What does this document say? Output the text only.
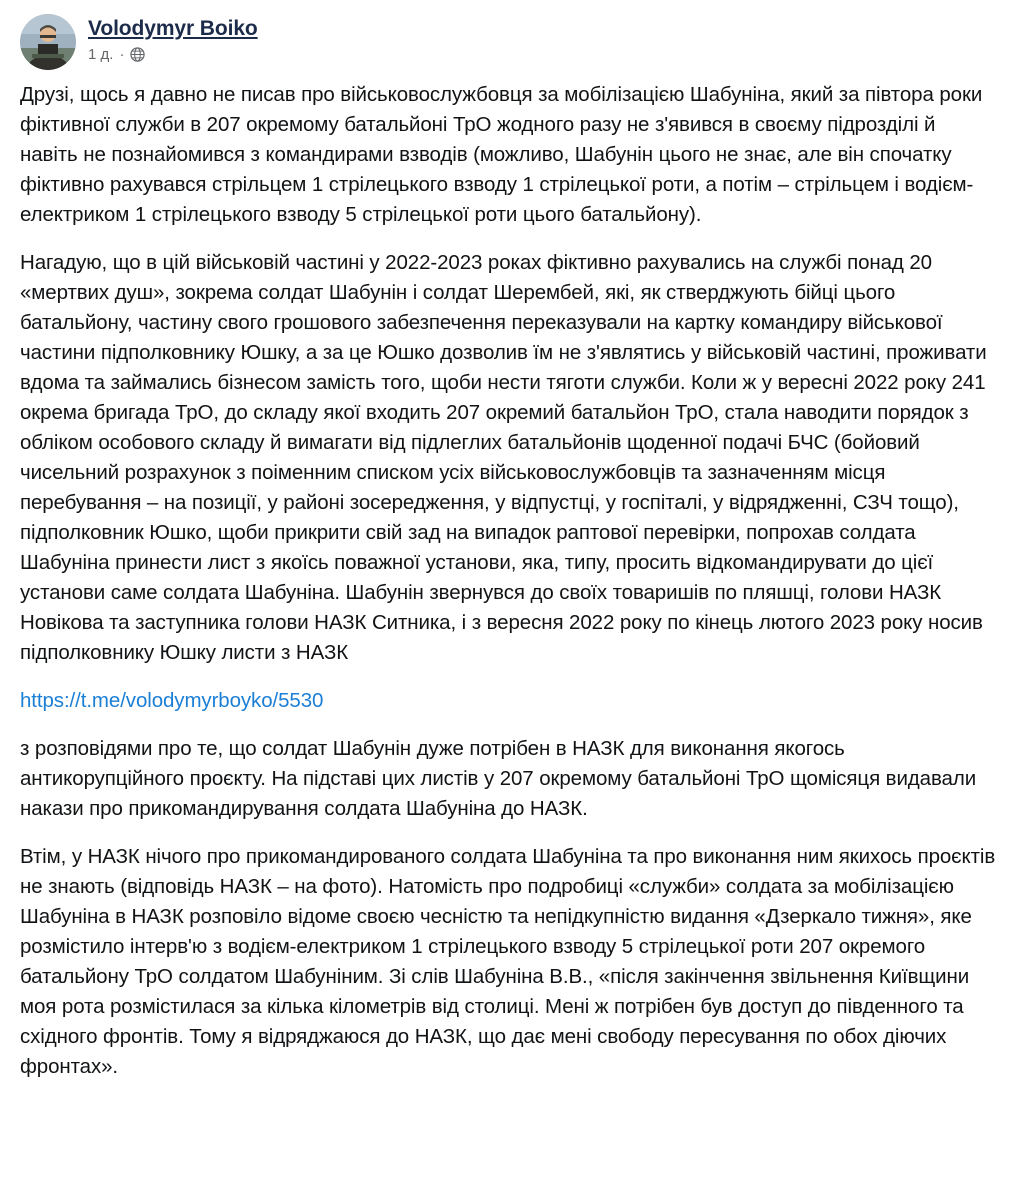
Volodymyr Boiko
1 д. ·

Друзі, щось я давно не писав про військовослужбовця за мобілізацією Шабуніна, який за півтора роки фіктивної служби в 207 окремому батальйоні ТрО жодного разу не з'явився в своєму підрозділі й навіть не познайомився з командирами взводів (можливо, Шабунін цього не знає, але він спочатку фіктивно рахувався стрільцем 1 стрілецького взводу 1 стрілецької роти, а потім – стрільцем і водієм-електриком 1 стрілецького взводу 5 стрілецької роти цього батальйону).

Нагадую, що в цій військовій частині у 2022-2023 роках фіктивно рахувались на службі понад 20 «мертвих душ», зокрема солдат Шабунін і солдат Шерембей, які, як стверджують бійці цього батальйону, частину свого грошового забезпечення переказували на картку командиру військової частини підполковнику Юшку, а за це Юшко дозволив їм не з'являтись у військовій частині, проживати вдома та займались бізнесом замість того, щоби нести тяготи служби. Коли ж у вересні 2022 року 241 окрема бригада ТрО, до складу якої входить 207 окремий батальйон ТрО, стала наводити порядок з обліком особового складу й вимагати від підлеглих батальйонів щоденної подачі БЧС (бойовий чисельний розрахунок з поіменним списком усіх військовослужбовців та зазначенням місця перебування – на позиції, у районі зосередження, у відпустці, у госпіталі, у відрядженні, СЗЧ тощо), підполковник Юшко, щоби прикрити свій зад на випадок раптової перевірки, попрохав солдата Шабуніна принести лист з якоїсь поважної установи, яка, типу, просить відкомандирувати до цієї установи саме солдата Шабуніна. Шабунін звернувся до своїх товаришів по пляшці, голови НАЗК Новікова та заступника голови НАЗК Ситника, і з вересня 2022 року по кінець лютого 2023 року носив підполковнику Юшку листи з НАЗК

https://t.me/volodymyrboyko/5530

з розповідями про те, що солдат Шабунін дуже потрібен в НАЗК для виконання якогось антикорупційного проєкту. На підставі цих листів у 207 окремому батальйоні ТрО щомісяця видавали накази про прикомандирування солдата Шабуніна до НАЗК.

Втім, у НАЗК нічого про прикомандированого солдата Шабуніна та про виконання ним якихось проєктів не знають (відповідь НАЗК – на фото). Натомість про подробиці «служби» солдата за мобілізацією Шабуніна в НАЗК розповіло відоме своєю чесністю та непідкупністю видання «Дзеркало тижня», яке розмістило інтерв'ю з водієм-електриком 1 стрілецького взводу 5 стрілецької роти 207 окремого батальйону ТрО солдатом Шабуніним. Зі слів Шабуніна В.В., «після закінчення звільнення Київщини моя рота розмістилася за кілька кілометрів від столиці. Мені ж потрібен був доступ до південного та східного фронтів. Тому я відряджаюся до НАЗК, що дає мені свободу пересування по обох діючих фронтах».
